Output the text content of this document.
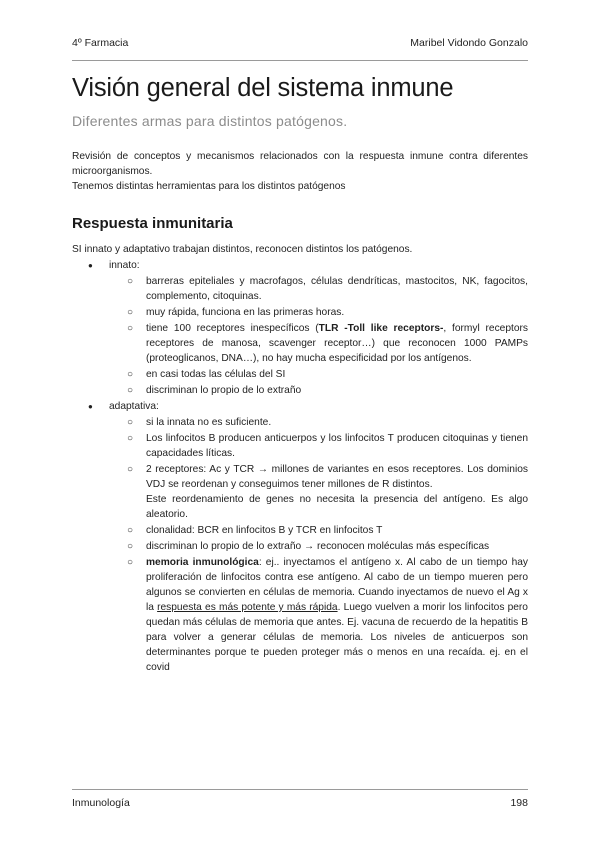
4º Farmacia	Maribel Vidondo Gonzalo
Visión general del sistema inmune
Diferentes armas para distintos patógenos.

Revisión de conceptos y mecanismos relacionados con la respuesta inmune contra diferentes microorganismos.

Tenemos distintas herramientas para los distintos patógenos

Respuesta inmunitaria
SI innato y adaptativo trabajan distintos, reconocen distintos los patógenos.
● innato:
○ barreras epiteliales y macrofagos, células dendríticas, mastocitos, NK, fagocitos, complemento, citoquinas.
○ muy rápida, funciona en las primeras horas.
○ tiene 100 receptores inespecíficos (TLR -Toll like receptors-, formyl receptors receptores de manosa, scavenger receptor…) que reconocen 1000 PAMPs (proteoglicanos, DNA…), no hay mucha especificidad por los antígenos.
○ en casi todas las células del SI
○ discriminan lo propio de lo extraño
● adaptativa:
○ si la innata no es suficiente.
○ Los linfocitos B producen anticuerpos y los linfocitos T producen citoquinas y tienen capacidades líticas.
○ 2 receptores: Ac y TCR → millones de variantes en esos receptores. Los dominios VDJ se reordenan y conseguimos tener millones de R distintos.
Este reordenamiento de genes no necesita la presencia del antígeno. Es algo aleatorio.
○ clonalidad: BCR en linfocitos B y TCR en linfocitos T
○ discriminan lo propio de lo extraño → reconocen moléculas más específicas
○ memoria inmunológica: ej.. inyectamos el antígeno x. Al cabo de un tiempo hay proliferación de linfocitos contra ese antígeno. Al cabo de un tiempo mueren pero algunos se convierten en células de memoria. Cuando inyectamos de nuevo el Ag x la respuesta es más potente y más rápida. Luego vuelven a morir los linfocitos pero quedan más células de memoria que antes. Ej. vacuna de recuerdo de la hepatitis B para volver a generar células de memoria. Los niveles de anticuerpos son determinantes porque te pueden proteger más o menos en una recaída. ej. en el covid
Inmunología	198
